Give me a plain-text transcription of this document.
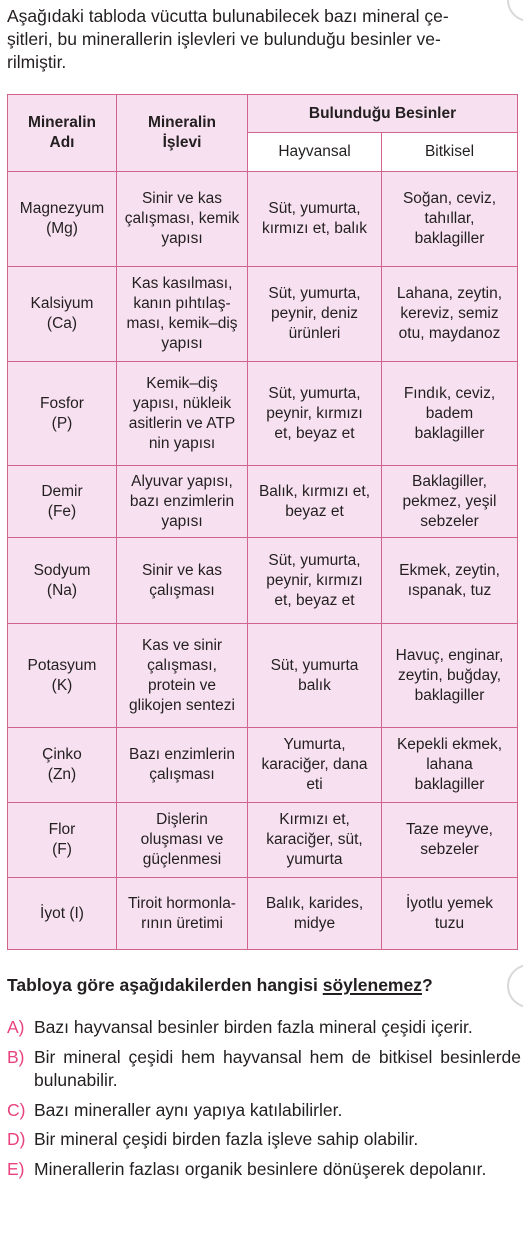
Aşağıdaki tabloda vücutta bulunabilecek bazı mineral çe-
şitleri, bu minerallerin işlevleri ve bulunduğu besinler ve-
rilmiştir.
Mineralin
Adı	Mineralin
İşlevi	Bulunduğu Besinler	
		Hayvansal	Bitkisel

Magnezyum
(Mg)	Sinir ve kas
çalışması, kemik
yapısı	Süt, yumurta,
kırmızı et, balık	Soğan, ceviz,
tahıllar,
baklagiller

Kalsiyum
(Ca)	Kas kasılması,
kanın pıhtılaş-
ması, kemik–diş
yapısı	Süt, yumurta,
peynir, deniz
ürünleri	Lahana, zeytin,
kereviz, semiz
otu, maydanoz

Fosfor
(P)	Kemik–diş
yapısı, nükleik
asitlerin ve ATP
nin yapısı	Süt, yumurta,
peynir, kırmızı
et, beyaz et	Fındık, ceviz,
badem
baklagiller

Demir
(Fe)	Alyuvar yapısı,
bazı enzimlerin
yapısı	Balık, kırmızı et,
beyaz et	Baklagiller,
pekmez, yeşil
sebzeler

Sodyum
(Na)	Sinir ve kas
çalışması	Süt, yumurta,
peynir, kırmızı
et, beyaz et	Ekmek, zeytin,
ıspanak, tuz

Potasyum
(K)	Kas ve sinir
çalışması,
protein ve
glikojen sentezi	Süt, yumurta
balık	Havuç, enginar,
zeytin, buğday,
baklagiller

Çinko
(Zn)	Bazı enzimlerin
çalışması	Yumurta,
karaciğer, dana
eti	Kepekli ekmek,
lahana
baklagiller

Flor
(F)	Dişlerin
oluşması ve
güçlenmesi	Kırmızı et,
karaciğer, süt,
yumurta	Taze meyve,
sebzeler

İyot (I)	Tiroit hormonla-
rının üretimi	Balık, karides,
midye	İyotlu yemek
tuzu
Tabloya göre aşağıdakilerden hangisi söylenemez?
A) Bazı hayvansal besinler birden fazla mineral çeşidi içerir.
B) Bir mineral çeşidi hem hayvansal hem de bitkisel besinlerde bulunabilir.
C) Bazı mineraller aynı yapıya katılabilirler.
D) Bir mineral çeşidi birden fazla işleve sahip olabilir.
E) Minerallerin fazlası organik besinlere dönüşerek depolanır.
